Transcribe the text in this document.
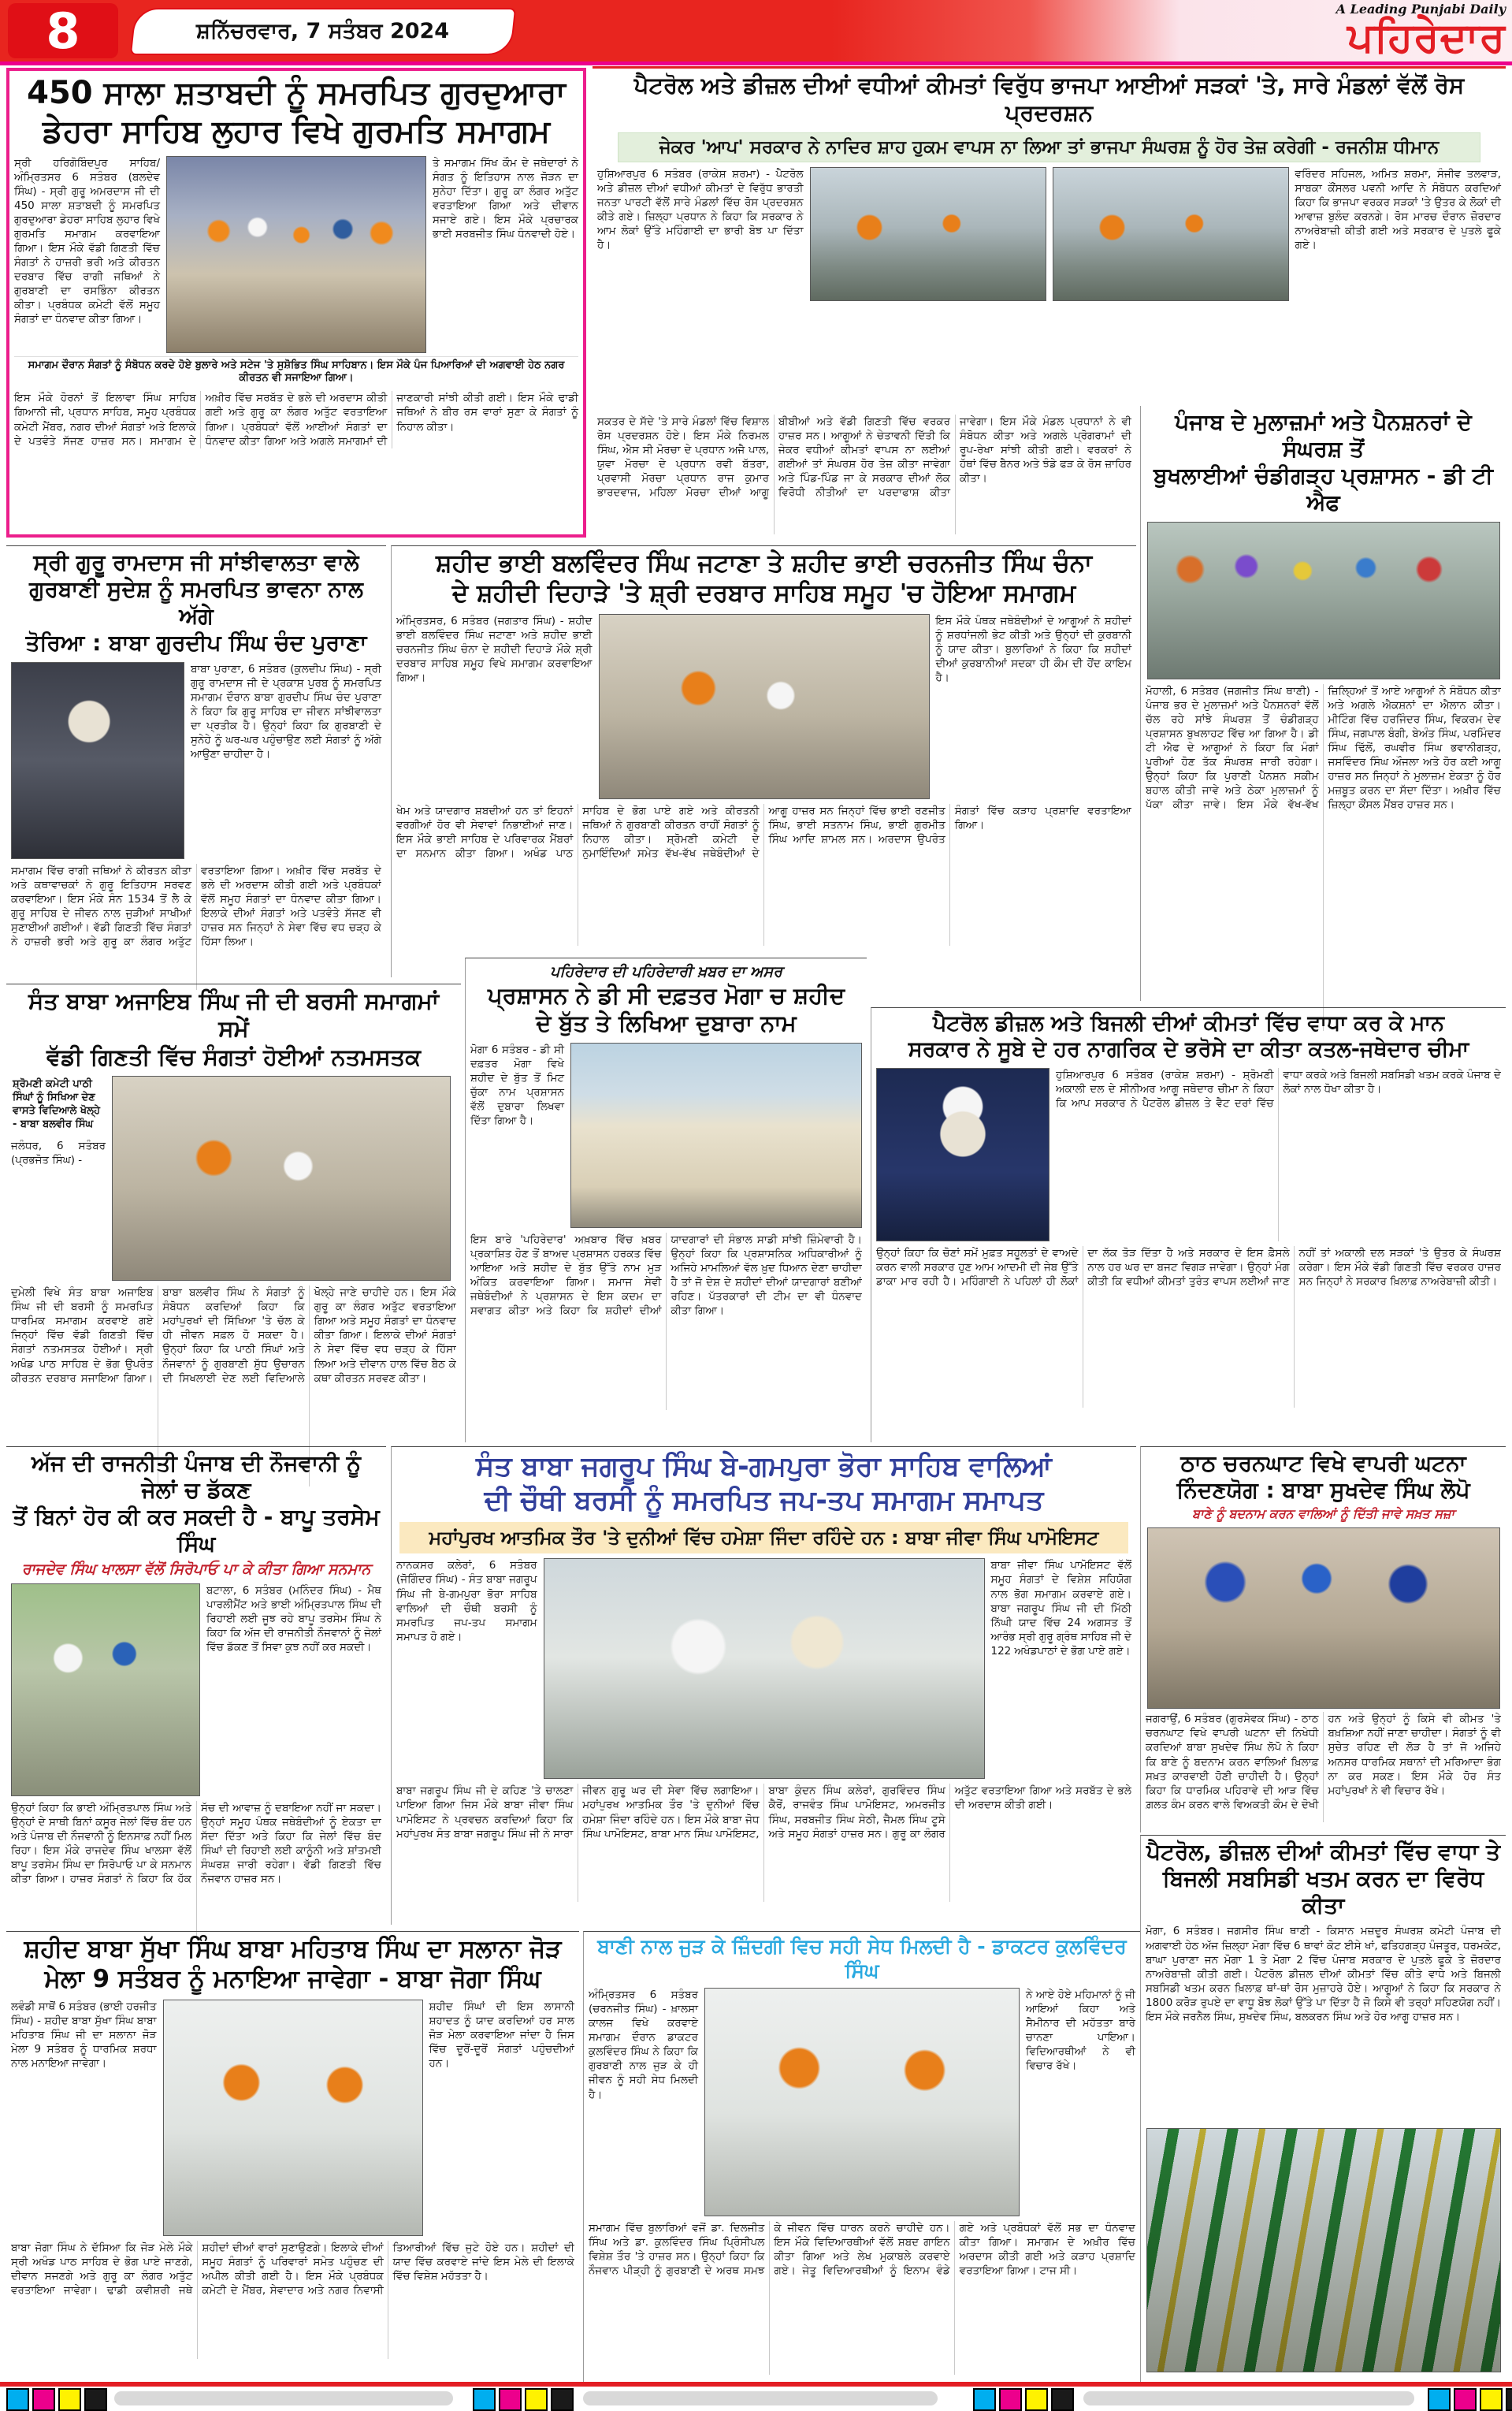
8	ਸ਼ਨਿੱਚਰਵਾਰ, 7 ਸਤੰਬਰ 2024
A Leading Punjabi Daily
ਪਹਿਰੇਦਾਰ
450 ਸਾਲਾ ਸ਼ਤਾਬਦੀ ਨੂੰ ਸਮਰਪਿਤ ਗੁਰਦੁਆਰਾ
ਡੇਹਰਾ ਸਾਹਿਬ ਲੁਹਾਰ ਵਿਖੇ ਗੁਰਮਤਿ ਸਮਾਗਮ
ਸ੍ਰੀ ਹਰਿਗੋਬਿੰਦਪੁਰ ਸਾਹਿਬ/ਅੰਮ੍ਰਿਤਸਰ 6 ਸਤੰਬਰ (ਬਲਦੇਵ ਸਿੰਘ) - ਸ੍ਰੀ ਗੁਰੂ ਅਮਰਦਾਸ ਜੀ ਦੀ 450 ਸਾਲਾ ਸ਼ਤਾਬਦੀ ਨੂੰ ਸਮਰਪਿਤ ਗੁਰਦੁਆਰਾ ਡੇਹਰਾ ਸਾਹਿਬ ਲੁਹਾਰ ਵਿਖੇ ਗੁਰਮਤਿ ਸਮਾਗਮ ਕਰਵਾਇਆ ਗਿਆ। ਇਸ ਮੌਕੇ ਵੱਡੀ ਗਿਣਤੀ ਵਿੱਚ ਸੰਗਤਾਂ ਨੇ ਹਾਜ਼ਰੀ ਭਰੀ ਅਤੇ ਕੀਰਤਨ ਦਰਬਾਰ ਵਿੱਚ ਰਾਗੀ ਜਥਿਆਂ ਨੇ ਗੁਰਬਾਣੀ ਦਾ ਰਸਭਿੰਨਾ ਕੀਰਤਨ ਕੀਤਾ। ਪ੍ਰਬੰਧਕ ਕਮੇਟੀ ਵੱਲੋਂ ਸਮੂਹ ਸੰਗਤਾਂ ਦਾ ਧੰਨਵਾਦ ਕੀਤਾ ਗਿਆ।
ਤੇ ਸਮਾਗਮ ਸਿੱਖ ਕੌਮ ਦੇ ਜਥੇਦਾਰਾਂ ਨੇ ਸੰਗਤ ਨੂੰ ਇਤਿਹਾਸ ਨਾਲ ਜੋੜਨ ਦਾ ਸੁਨੇਹਾ ਦਿੱਤਾ। ਗੁਰੂ ਕਾ ਲੰਗਰ ਅਤੁੱਟ ਵਰਤਾਇਆ ਗਿਆ ਅਤੇ ਦੀਵਾਨ ਸਜਾਏ ਗਏ। ਇਸ ਮੌਕੇ ਪ੍ਰਚਾਰਕ ਭਾਈ ਸਰਬਜੀਤ ਸਿੰਘ ਧੰਨਵਾਦੀ ਹੋਏ।
ਸਮਾਗਮ ਦੌਰਾਨ ਸੰਗਤਾਂ ਨੂੰ ਸੰਬੋਧਨ ਕਰਦੇ ਹੋਏ ਬੁਲਾਰੇ ਅਤੇ ਸਟੇਜ 'ਤੇ ਸੁਸ਼ੋਭਿਤ ਸਿੰਘ ਸਾਹਿਬਾਨ। ਇਸ ਮੌਕੇ ਪੰਜ ਪਿਆਰਿਆਂ ਦੀ ਅਗਵਾਈ ਹੇਠ ਨਗਰ ਕੀਰਤਨ ਵੀ ਸਜਾਇਆ ਗਿਆ।
ਇਸ ਮੌਕੇ ਹੋਰਨਾਂ ਤੋਂ ਇਲਾਵਾ ਸਿੰਘ ਸਾਹਿਬ ਗਿਆਨੀ ਜੀ, ਪ੍ਰਧਾਨ ਸਾਹਿਬ, ਸਮੂਹ ਪ੍ਰਬੰਧਕ ਕਮੇਟੀ ਮੈਂਬਰ, ਨਗਰ ਦੀਆਂ ਸੰਗਤਾਂ ਅਤੇ ਇਲਾਕੇ ਦੇ ਪਤਵੰਤੇ ਸੱਜਣ ਹਾਜ਼ਰ ਸਨ। ਸਮਾਗਮ ਦੇ ਅਖ਼ੀਰ ਵਿੱਚ ਸਰਬੱਤ ਦੇ ਭਲੇ ਦੀ ਅਰਦਾਸ ਕੀਤੀ ਗਈ ਅਤੇ ਗੁਰੂ ਕਾ ਲੰਗਰ ਅਤੁੱਟ ਵਰਤਾਇਆ ਗਿਆ। ਪ੍ਰਬੰਧਕਾਂ ਵੱਲੋਂ ਆਈਆਂ ਸੰਗਤਾਂ ਦਾ ਧੰਨਵਾਦ ਕੀਤਾ ਗਿਆ ਅਤੇ ਅਗਲੇ ਸਮਾਗਮਾਂ ਦੀ ਜਾਣਕਾਰੀ ਸਾਂਝੀ ਕੀਤੀ ਗਈ। ਇਸ ਮੌਕੇ ਢਾਡੀ ਜਥਿਆਂ ਨੇ ਬੀਰ ਰਸ ਵਾਰਾਂ ਸੁਣਾ ਕੇ ਸੰਗਤਾਂ ਨੂੰ ਨਿਹਾਲ ਕੀਤਾ।
ਪੈਟਰੋਲ ਅਤੇ ਡੀਜ਼ਲ ਦੀਆਂ ਵਧੀਆਂ ਕੀਮਤਾਂ ਵਿਰੁੱਧ ਭਾਜਪਾ ਆਈਆਂ ਸੜਕਾਂ 'ਤੇ, ਸਾਰੇ ਮੰਡਲਾਂ ਵੱਲੋਂ ਰੋਸ ਪ੍ਰਦਰਸ਼ਨ
ਜੇਕਰ 'ਆਪ' ਸਰਕਾਰ ਨੇ ਨਾਦਿਰ ਸ਼ਾਹ ਹੁਕਮ ਵਾਪਸ ਨਾ ਲਿਆ ਤਾਂ ਭਾਜਪਾ ਸੰਘਰਸ਼ ਨੂੰ ਹੋਰ ਤੇਜ਼ ਕਰੇਗੀ - ਰਜਨੀਸ਼ ਧੀਮਾਨ
ਹੁਸ਼ਿਆਰਪੁਰ 6 ਸਤੰਬਰ (ਰਾਕੇਸ਼ ਸ਼ਰਮਾ) - ਪੈਟਰੋਲ ਅਤੇ ਡੀਜ਼ਲ ਦੀਆਂ ਵਧੀਆਂ ਕੀਮਤਾਂ ਦੇ ਵਿਰੁੱਧ ਭਾਰਤੀ ਜਨਤਾ ਪਾਰਟੀ ਵੱਲੋਂ ਸਾਰੇ ਮੰਡਲਾਂ ਵਿੱਚ ਰੋਸ ਪ੍ਰਦਰਸ਼ਨ ਕੀਤੇ ਗਏ। ਜ਼ਿਲ੍ਹਾ ਪ੍ਰਧਾਨ ਨੇ ਕਿਹਾ ਕਿ ਸਰਕਾਰ ਨੇ ਆਮ ਲੋਕਾਂ ਉੱਤੇ ਮਹਿੰਗਾਈ ਦਾ ਭਾਰੀ ਬੋਝ ਪਾ ਦਿੱਤਾ ਹੈ।
ਵਰਿੰਦਰ ਸਹਿਜਲ, ਅਮਿਤ ਸ਼ਰਮਾ, ਸੰਜੀਵ ਤਲਵਾੜ, ਸਾਬਕਾ ਕੌਂਸਲਰ ਪਵਨੀ ਆਦਿ ਨੇ ਸੰਬੋਧਨ ਕਰਦਿਆਂ ਕਿਹਾ ਕਿ ਭਾਜਪਾ ਵਰਕਰ ਸੜਕਾਂ 'ਤੇ ਉਤਰ ਕੇ ਲੋਕਾਂ ਦੀ ਆਵਾਜ਼ ਬੁਲੰਦ ਕਰਨਗੇ। ਰੋਸ ਮਾਰਚ ਦੌਰਾਨ ਜ਼ੋਰਦਾਰ ਨਾਅਰੇਬਾਜ਼ੀ ਕੀਤੀ ਗਈ ਅਤੇ ਸਰਕਾਰ ਦੇ ਪੁਤਲੇ ਫੂਕੇ ਗਏ।
ਸਕਤਰ ਦੇ ਸੱਦੇ 'ਤੇ ਸਾਰੇ ਮੰਡਲਾਂ ਵਿੱਚ ਵਿਸ਼ਾਲ ਰੋਸ ਪ੍ਰਦਰਸ਼ਨ ਹੋਏ। ਇਸ ਮੌਕੇ ਨਿਰਮਲ ਸਿੰਘ, ਐਸ ਸੀ ਮੋਰਚਾ ਦੇ ਪ੍ਰਧਾਨ ਅਜੈ ਪਾਲ, ਯੁਵਾ ਮੋਰਚਾ ਦੇ ਪ੍ਰਧਾਨ ਰਵੀ ਬੱਤਰਾ, ਪ੍ਰਵਾਸੀ ਮੋਰਚਾ ਪ੍ਰਧਾਨ ਰਾਜ ਕੁਮਾਰ ਭਾਰਦਵਾਜ, ਮਹਿਲਾ ਮੋਰਚਾ ਦੀਆਂ ਆਗੂ ਬੀਬੀਆਂ ਅਤੇ ਵੱਡੀ ਗਿਣਤੀ ਵਿੱਚ ਵਰਕਰ ਹਾਜ਼ਰ ਸਨ। ਆਗੂਆਂ ਨੇ ਚੇਤਾਵਨੀ ਦਿੱਤੀ ਕਿ ਜੇਕਰ ਵਧੀਆਂ ਕੀਮਤਾਂ ਵਾਪਸ ਨਾ ਲਈਆਂ ਗਈਆਂ ਤਾਂ ਸੰਘਰਸ਼ ਹੋਰ ਤੇਜ਼ ਕੀਤਾ ਜਾਵੇਗਾ ਅਤੇ ਪਿੰਡ-ਪਿੰਡ ਜਾ ਕੇ ਸਰਕਾਰ ਦੀਆਂ ਲੋਕ ਵਿਰੋਧੀ ਨੀਤੀਆਂ ਦਾ ਪਰਦਾਫਾਸ਼ ਕੀਤਾ ਜਾਵੇਗਾ। ਇਸ ਮੌਕੇ ਮੰਡਲ ਪ੍ਰਧਾਨਾਂ ਨੇ ਵੀ ਸੰਬੋਧਨ ਕੀਤਾ ਅਤੇ ਅਗਲੇ ਪ੍ਰੋਗਰਾਮਾਂ ਦੀ ਰੂਪ-ਰੇਖਾ ਸਾਂਝੀ ਕੀਤੀ ਗਈ। ਵਰਕਰਾਂ ਨੇ ਹੱਥਾਂ ਵਿੱਚ ਬੈਨਰ ਅਤੇ ਝੰਡੇ ਫੜ ਕੇ ਰੋਸ ਜ਼ਾਹਿਰ ਕੀਤਾ।
ਪੰਜਾਬ ਦੇ ਮੁਲਾਜ਼ਮਾਂ ਅਤੇ ਪੈਨਸ਼ਨਰਾਂ ਦੇ ਸੰਘਰਸ਼ ਤੋਂ
ਬੁਖਲਾਈਆਂ ਚੰਡੀਗੜ੍ਹ ਪ੍ਰਸ਼ਾਸਨ - ਡੀ ਟੀ ਐਫ
ਮੋਹਾਲੀ, 6 ਸਤੰਬਰ (ਜਗਜੀਤ ਸਿੰਘ ਥਾਣੀ) - ਪੰਜਾਬ ਭਰ ਦੇ ਮੁਲਾਜ਼ਮਾਂ ਅਤੇ ਪੈਨਸ਼ਨਰਾਂ ਵੱਲੋਂ ਚੱਲ ਰਹੇ ਸਾਂਝੇ ਸੰਘਰਸ਼ ਤੋਂ ਚੰਡੀਗੜ੍ਹ ਪ੍ਰਸ਼ਾਸਨ ਬੁਖਲਾਹਟ ਵਿੱਚ ਆ ਗਿਆ ਹੈ। ਡੀ ਟੀ ਐਫ ਦੇ ਆਗੂਆਂ ਨੇ ਕਿਹਾ ਕਿ ਮੰਗਾਂ ਪੂਰੀਆਂ ਹੋਣ ਤੱਕ ਸੰਘਰਸ਼ ਜਾਰੀ ਰਹੇਗਾ। ਉਨ੍ਹਾਂ ਕਿਹਾ ਕਿ ਪੁਰਾਣੀ ਪੈਨਸ਼ਨ ਸਕੀਮ ਬਹਾਲ ਕੀਤੀ ਜਾਵੇ ਅਤੇ ਠੇਕਾ ਮੁਲਾਜ਼ਮਾਂ ਨੂੰ ਪੱਕਾ ਕੀਤਾ ਜਾਵੇ। ਇਸ ਮੌਕੇ ਵੱਖ-ਵੱਖ ਜ਼ਿਲ੍ਹਿਆਂ ਤੋਂ ਆਏ ਆਗੂਆਂ ਨੇ ਸੰਬੋਧਨ ਕੀਤਾ ਅਤੇ ਅਗਲੇ ਐਕਸ਼ਨਾਂ ਦਾ ਐਲਾਨ ਕੀਤਾ। ਮੀਟਿੰਗ ਵਿੱਚ ਹਰਜਿੰਦਰ ਸਿੰਘ, ਵਿਕਰਮ ਦੇਵ ਸਿੰਘ, ਜਗਪਾਲ ਬੰਗੀ, ਬੇਅੰਤ ਸਿੰਘ, ਪਰਮਿੰਦਰ ਸਿੰਘ ਢਿੱਲੋਂ, ਰਘਵੀਰ ਸਿੰਘ ਭਵਾਨੀਗੜ੍ਹ, ਜਸਵਿੰਦਰ ਸਿੰਘ ਔਜਲਾ ਅਤੇ ਹੋਰ ਕਈ ਆਗੂ ਹਾਜ਼ਰ ਸਨ ਜਿਨ੍ਹਾਂ ਨੇ ਮੁਲਾਜ਼ਮ ਏਕਤਾ ਨੂੰ ਹੋਰ ਮਜ਼ਬੂਤ ਕਰਨ ਦਾ ਸੱਦਾ ਦਿੱਤਾ। ਅਖ਼ੀਰ ਵਿੱਚ ਜ਼ਿਲ੍ਹਾ ਕੌਂਸਲ ਮੈਂਬਰ ਹਾਜ਼ਰ ਸਨ।
ਸ੍ਰੀ ਗੁਰੂ ਰਾਮਦਾਸ ਜੀ ਸਾਂਝੀਵਾਲਤਾ ਵਾਲੇ
ਗੁਰਬਾਣੀ ਸੁਦੇਸ਼ ਨੂੰ ਸਮਰਪਿਤ ਭਾਵਨਾ ਨਾਲ ਅੱਗੇ
ਤੋਰਿਆ : ਬਾਬਾ ਗੁਰਦੀਪ ਸਿੰਘ ਚੰਦ ਪੁਰਾਣਾ
ਬਾਬਾ ਪੁਰਾਣਾ, 6 ਸਤੰਬਰ (ਕੁਲਦੀਪ ਸਿੰਘ) - ਸ੍ਰੀ ਗੁਰੂ ਰਾਮਦਾਸ ਜੀ ਦੇ ਪ੍ਰਕਾਸ਼ ਪੁਰਬ ਨੂੰ ਸਮਰਪਿਤ ਸਮਾਗਮ ਦੌਰਾਨ ਬਾਬਾ ਗੁਰਦੀਪ ਸਿੰਘ ਚੰਦ ਪੁਰਾਣਾ ਨੇ ਕਿਹਾ ਕਿ ਗੁਰੂ ਸਾਹਿਬ ਦਾ ਜੀਵਨ ਸਾਂਝੀਵਾਲਤਾ ਦਾ ਪ੍ਰਤੀਕ ਹੈ। ਉਨ੍ਹਾਂ ਕਿਹਾ ਕਿ ਗੁਰਬਾਣੀ ਦੇ ਸੁਨੇਹੇ ਨੂੰ ਘਰ-ਘਰ ਪਹੁੰਚਾਉਣ ਲਈ ਸੰਗਤਾਂ ਨੂੰ ਅੱਗੇ ਆਉਣਾ ਚਾਹੀਦਾ ਹੈ।
ਸਮਾਗਮ ਵਿੱਚ ਰਾਗੀ ਜਥਿਆਂ ਨੇ ਕੀਰਤਨ ਕੀਤਾ ਅਤੇ ਕਥਾਵਾਚਕਾਂ ਨੇ ਗੁਰੂ ਇਤਿਹਾਸ ਸਰਵਣ ਕਰਵਾਇਆ। ਇਸ ਮੌਕੇ ਸੰਨ 1534 ਤੋਂ ਲੈ ਕੇ ਗੁਰੂ ਸਾਹਿਬ ਦੇ ਜੀਵਨ ਨਾਲ ਜੁੜੀਆਂ ਸਾਖੀਆਂ ਸੁਣਾਈਆਂ ਗਈਆਂ। ਵੱਡੀ ਗਿਣਤੀ ਵਿੱਚ ਸੰਗਤਾਂ ਨੇ ਹਾਜ਼ਰੀ ਭਰੀ ਅਤੇ ਗੁਰੂ ਕਾ ਲੰਗਰ ਅਤੁੱਟ ਵਰਤਾਇਆ ਗਿਆ। ਅਖ਼ੀਰ ਵਿੱਚ ਸਰਬੱਤ ਦੇ ਭਲੇ ਦੀ ਅਰਦਾਸ ਕੀਤੀ ਗਈ ਅਤੇ ਪ੍ਰਬੰਧਕਾਂ ਵੱਲੋਂ ਸਮੂਹ ਸੰਗਤਾਂ ਦਾ ਧੰਨਵਾਦ ਕੀਤਾ ਗਿਆ। ਇਲਾਕੇ ਦੀਆਂ ਸੰਗਤਾਂ ਅਤੇ ਪਤਵੰਤੇ ਸੱਜਣ ਵੀ ਹਾਜ਼ਰ ਸਨ ਜਿਨ੍ਹਾਂ ਨੇ ਸੇਵਾ ਵਿੱਚ ਵਧ ਚੜ੍ਹ ਕੇ ਹਿੱਸਾ ਲਿਆ।
ਸ਼ਹੀਦ ਭਾਈ ਬਲਵਿੰਦਰ ਸਿੰਘ ਜਟਾਣਾ ਤੇ ਸ਼ਹੀਦ ਭਾਈ ਚਰਨਜੀਤ ਸਿੰਘ ਚੰਨਾ
ਦੇ ਸ਼ਹੀਦੀ ਦਿਹਾੜੇ 'ਤੇ ਸ਼੍ਰੀ ਦਰਬਾਰ ਸਾਹਿਬ ਸਮੂਹ 'ਚ ਹੋਇਆ ਸਮਾਗਮ
ਅੰਮ੍ਰਿਤਸਰ, 6 ਸਤੰਬਰ (ਜਗਤਾਰ ਸਿੰਘ) - ਸ਼ਹੀਦ ਭਾਈ ਬਲਵਿੰਦਰ ਸਿੰਘ ਜਟਾਣਾ ਅਤੇ ਸ਼ਹੀਦ ਭਾਈ ਚਰਨਜੀਤ ਸਿੰਘ ਚੰਨਾ ਦੇ ਸ਼ਹੀਦੀ ਦਿਹਾੜੇ ਮੌਕੇ ਸ਼੍ਰੀ ਦਰਬਾਰ ਸਾਹਿਬ ਸਮੂਹ ਵਿਖੇ ਸਮਾਗਮ ਕਰਵਾਇਆ ਗਿਆ।
ਇਸ ਮੌਕੇ ਪੰਥਕ ਜਥੇਬੰਦੀਆਂ ਦੇ ਆਗੂਆਂ ਨੇ ਸ਼ਹੀਦਾਂ ਨੂੰ ਸ਼ਰਧਾਂਜਲੀ ਭੇਟ ਕੀਤੀ ਅਤੇ ਉਨ੍ਹਾਂ ਦੀ ਕੁਰਬਾਨੀ ਨੂੰ ਯਾਦ ਕੀਤਾ। ਬੁਲਾਰਿਆਂ ਨੇ ਕਿਹਾ ਕਿ ਸ਼ਹੀਦਾਂ ਦੀਆਂ ਕੁਰਬਾਨੀਆਂ ਸਦਕਾ ਹੀ ਕੌਮ ਦੀ ਹੋਂਦ ਕਾਇਮ ਹੈ।
ਖੇਮ ਅਤੇ ਯਾਦਗਾਰ ਸ਼ਬਦੀਆਂ ਹਨ ਤਾਂ ਇਹਨਾਂ ਵਰਗੀਆਂ ਹੋਰ ਵੀ ਸੇਵਾਵਾਂ ਨਿਭਾਈਆਂ ਜਾਣ। ਇਸ ਮੌਕੇ ਭਾਈ ਸਾਹਿਬ ਦੇ ਪਰਿਵਾਰਕ ਮੈਂਬਰਾਂ ਦਾ ਸਨਮਾਨ ਕੀਤਾ ਗਿਆ। ਅਖੰਡ ਪਾਠ ਸਾਹਿਬ ਦੇ ਭੋਗ ਪਾਏ ਗਏ ਅਤੇ ਕੀਰਤਨੀ ਜਥਿਆਂ ਨੇ ਗੁਰਬਾਣੀ ਕੀਰਤਨ ਰਾਹੀਂ ਸੰਗਤਾਂ ਨੂੰ ਨਿਹਾਲ ਕੀਤਾ। ਸ਼੍ਰੋਮਣੀ ਕਮੇਟੀ ਦੇ ਨੁਮਾਇੰਦਿਆਂ ਸਮੇਤ ਵੱਖ-ਵੱਖ ਜਥੇਬੰਦੀਆਂ ਦੇ ਆਗੂ ਹਾਜ਼ਰ ਸਨ ਜਿਨ੍ਹਾਂ ਵਿੱਚ ਭਾਈ ਰਣਜੀਤ ਸਿੰਘ, ਭਾਈ ਸਤਨਾਮ ਸਿੰਘ, ਭਾਈ ਗੁਰਮੀਤ ਸਿੰਘ ਆਦਿ ਸ਼ਾਮਲ ਸਨ। ਅਰਦਾਸ ਉਪਰੰਤ ਸੰਗਤਾਂ ਵਿੱਚ ਕੜਾਹ ਪ੍ਰਸ਼ਾਦਿ ਵਰਤਾਇਆ ਗਿਆ।
ਸੰਤ ਬਾਬਾ ਅਜਾਇਬ ਸਿੰਘ ਜੀ ਦੀ ਬਰਸੀ ਸਮਾਗਮਾਂ ਸਮੇਂ
ਵੱਡੀ ਗਿਣਤੀ ਵਿੱਚ ਸੰਗਤਾਂ ਹੋਈਆਂ ਨਤਮਸਤਕ
ਸ਼੍ਰੋਮਣੀ ਕਮੇਟੀ ਪਾਠੀ ਸਿੰਘਾਂ ਨੂੰ ਸਿਖਿਆ ਦੇਣ ਵਾਸਤੇ ਵਿਦਿਆਲੇ ਖੋਲ੍ਹੇ - ਬਾਬਾ ਬਲਵੀਰ ਸਿੰਘ
ਜਲੰਧਰ, 6 ਸਤੰਬਰ (ਪ੍ਰਭਜੋਤ ਸਿੰਘ) -
ਦੁਮੇਲੀ ਵਿਖੇ ਸੰਤ ਬਾਬਾ ਅਜਾਇਬ ਸਿੰਘ ਜੀ ਦੀ ਬਰਸੀ ਨੂੰ ਸਮਰਪਿਤ ਧਾਰਮਿਕ ਸਮਾਗਮ ਕਰਵਾਏ ਗਏ ਜਿਨ੍ਹਾਂ ਵਿੱਚ ਵੱਡੀ ਗਿਣਤੀ ਵਿੱਚ ਸੰਗਤਾਂ ਨਤਮਸਤਕ ਹੋਈਆਂ। ਸ੍ਰੀ ਅਖੰਡ ਪਾਠ ਸਾਹਿਬ ਦੇ ਭੋਗ ਉਪਰੰਤ ਕੀਰਤਨ ਦਰਬਾਰ ਸਜਾਇਆ ਗਿਆ। ਬਾਬਾ ਬਲਵੀਰ ਸਿੰਘ ਨੇ ਸੰਗਤਾਂ ਨੂੰ ਸੰਬੋਧਨ ਕਰਦਿਆਂ ਕਿਹਾ ਕਿ ਮਹਾਂਪੁਰਖਾਂ ਦੀ ਸਿੱਖਿਆ 'ਤੇ ਚੱਲ ਕੇ ਹੀ ਜੀਵਨ ਸਫ਼ਲ ਹੋ ਸਕਦਾ ਹੈ। ਉਨ੍ਹਾਂ ਕਿਹਾ ਕਿ ਪਾਠੀ ਸਿੰਘਾਂ ਅਤੇ ਨੌਜਵਾਨਾਂ ਨੂੰ ਗੁਰਬਾਣੀ ਸ਼ੁੱਧ ਉਚਾਰਨ ਦੀ ਸਿਖਲਾਈ ਦੇਣ ਲਈ ਵਿਦਿਆਲੇ ਖੋਲ੍ਹੇ ਜਾਣੇ ਚਾਹੀਦੇ ਹਨ। ਇਸ ਮੌਕੇ ਗੁਰੂ ਕਾ ਲੰਗਰ ਅਤੁੱਟ ਵਰਤਾਇਆ ਗਿਆ ਅਤੇ ਸਮੂਹ ਸੰਗਤਾਂ ਦਾ ਧੰਨਵਾਦ ਕੀਤਾ ਗਿਆ। ਇਲਾਕੇ ਦੀਆਂ ਸੰਗਤਾਂ ਨੇ ਸੇਵਾ ਵਿੱਚ ਵਧ ਚੜ੍ਹ ਕੇ ਹਿੱਸਾ ਲਿਆ ਅਤੇ ਦੀਵਾਨ ਹਾਲ ਵਿੱਚ ਬੈਠ ਕੇ ਕਥਾ ਕੀਰਤਨ ਸਰਵਣ ਕੀਤਾ।
ਪਹਿਰੇਦਾਰ ਦੀ ਪਹਿਰੇਦਾਰੀ ਖ਼ਬਰ ਦਾ ਅਸਰ
ਪ੍ਰਸ਼ਾਸਨ ਨੇ ਡੀ ਸੀ ਦਫ਼ਤਰ ਮੋਗਾ ਚ ਸ਼ਹੀਦ
ਦੇ ਬੁੱਤ ਤੇ ਲਿਖਿਆ ਦੁਬਾਰਾ ਨਾਮ
ਮੋਗਾ 6 ਸਤੰਬਰ - ਡੀ ਸੀ ਦਫ਼ਤਰ ਮੋਗਾ ਵਿਖੇ ਸ਼ਹੀਦ ਦੇ ਬੁੱਤ ਤੋਂ ਮਿਟ ਚੁੱਕਾ ਨਾਮ ਪ੍ਰਸ਼ਾਸਨ ਵੱਲੋਂ ਦੁਬਾਰਾ ਲਿਖਵਾ ਦਿੱਤਾ ਗਿਆ ਹੈ।
ਇਸ ਬਾਰੇ 'ਪਹਿਰੇਦਾਰ' ਅਖ਼ਬਾਰ ਵਿੱਚ ਖ਼ਬਰ ਪ੍ਰਕਾਸ਼ਿਤ ਹੋਣ ਤੋਂ ਬਾਅਦ ਪ੍ਰਸ਼ਾਸਨ ਹਰਕਤ ਵਿੱਚ ਆਇਆ ਅਤੇ ਸ਼ਹੀਦ ਦੇ ਬੁੱਤ ਉੱਤੇ ਨਾਮ ਮੁੜ ਅੰਕਿਤ ਕਰਵਾਇਆ ਗਿਆ। ਸਮਾਜ ਸੇਵੀ ਜਥੇਬੰਦੀਆਂ ਨੇ ਪ੍ਰਸ਼ਾਸਨ ਦੇ ਇਸ ਕਦਮ ਦਾ ਸਵਾਗਤ ਕੀਤਾ ਅਤੇ ਕਿਹਾ ਕਿ ਸ਼ਹੀਦਾਂ ਦੀਆਂ ਯਾਦਗਾਰਾਂ ਦੀ ਸੰਭਾਲ ਸਾਡੀ ਸਾਂਝੀ ਜ਼ਿੰਮੇਵਾਰੀ ਹੈ। ਉਨ੍ਹਾਂ ਕਿਹਾ ਕਿ ਪ੍ਰਸ਼ਾਸਨਿਕ ਅਧਿਕਾਰੀਆਂ ਨੂੰ ਅਜਿਹੇ ਮਾਮਲਿਆਂ ਵੱਲ ਖ਼ੁਦ ਧਿਆਨ ਦੇਣਾ ਚਾਹੀਦਾ ਹੈ ਤਾਂ ਜੋ ਦੇਸ਼ ਦੇ ਸ਼ਹੀਦਾਂ ਦੀਆਂ ਯਾਦਗਾਰਾਂ ਬਣੀਆਂ ਰਹਿਣ। ਪੱਤਰਕਾਰਾਂ ਦੀ ਟੀਮ ਦਾ ਵੀ ਧੰਨਵਾਦ ਕੀਤਾ ਗਿਆ।
ਪੈਟਰੋਲ ਡੀਜ਼ਲ ਅਤੇ ਬਿਜਲੀ ਦੀਆਂ ਕੀਮਤਾਂ ਵਿੱਚ ਵਾਧਾ ਕਰ ਕੇ ਮਾਨ
ਸਰਕਾਰ ਨੇ ਸੂਬੇ ਦੇ ਹਰ ਨਾਗਰਿਕ ਦੇ ਭਰੋਸੇ ਦਾ ਕੀਤਾ ਕਤਲ-ਜਥੇਦਾਰ ਚੀਮਾ
ਹੁਸ਼ਿਆਰਪੁਰ 6 ਸਤੰਬਰ (ਰਾਕੇਸ਼ ਸ਼ਰਮਾ) - ਸ਼੍ਰੋਮਣੀ ਅਕਾਲੀ ਦਲ ਦੇ ਸੀਨੀਅਰ ਆਗੂ ਜਥੇਦਾਰ ਚੀਮਾ ਨੇ ਕਿਹਾ ਕਿ ਆਪ ਸਰਕਾਰ ਨੇ ਪੈਟਰੋਲ ਡੀਜ਼ਲ ਤੇ ਵੈਟ ਦਰਾਂ ਵਿੱਚ ਵਾਧਾ ਕਰਕੇ ਅਤੇ ਬਿਜਲੀ ਸਬਸਿਡੀ ਖਤਮ ਕਰਕੇ ਪੰਜਾਬ ਦੇ ਲੋਕਾਂ ਨਾਲ ਧੋਖਾ ਕੀਤਾ ਹੈ।
ਉਨ੍ਹਾਂ ਕਿਹਾ ਕਿ ਚੋਣਾਂ ਸਮੇਂ ਮੁਫ਼ਤ ਸਹੂਲਤਾਂ ਦੇ ਵਾਅਦੇ ਕਰਨ ਵਾਲੀ ਸਰਕਾਰ ਹੁਣ ਆਮ ਆਦਮੀ ਦੀ ਜੇਬ ਉੱਤੇ ਡਾਕਾ ਮਾਰ ਰਹੀ ਹੈ। ਮਹਿੰਗਾਈ ਨੇ ਪਹਿਲਾਂ ਹੀ ਲੋਕਾਂ ਦਾ ਲੱਕ ਤੋੜ ਦਿੱਤਾ ਹੈ ਅਤੇ ਸਰਕਾਰ ਦੇ ਇਸ ਫ਼ੈਸਲੇ ਨਾਲ ਹਰ ਘਰ ਦਾ ਬਜਟ ਵਿਗੜ ਜਾਵੇਗਾ। ਉਨ੍ਹਾਂ ਮੰਗ ਕੀਤੀ ਕਿ ਵਧੀਆਂ ਕੀਮਤਾਂ ਤੁਰੰਤ ਵਾਪਸ ਲਈਆਂ ਜਾਣ ਨਹੀਂ ਤਾਂ ਅਕਾਲੀ ਦਲ ਸੜਕਾਂ 'ਤੇ ਉਤਰ ਕੇ ਸੰਘਰਸ਼ ਕਰੇਗਾ। ਇਸ ਮੌਕੇ ਵੱਡੀ ਗਿਣਤੀ ਵਿੱਚ ਵਰਕਰ ਹਾਜ਼ਰ ਸਨ ਜਿਨ੍ਹਾਂ ਨੇ ਸਰਕਾਰ ਖ਼ਿਲਾਫ਼ ਨਾਅਰੇਬਾਜ਼ੀ ਕੀਤੀ।
ਅੱਜ ਦੀ ਰਾਜਨੀਤੀ ਪੰਜਾਬ ਦੀ ਨੌਜਵਾਨੀ ਨੂੰ ਜੇਲਾਂ ਚ ਡੱਕਣ
ਤੋਂ ਬਿਨਾਂ ਹੋਰ ਕੀ ਕਰ ਸਕਦੀ ਹੈ - ਬਾਪੂ ਤਰਸੇਮ ਸਿੰਘ
ਰਾਜਦੇਵ ਸਿੰਘ ਖਾਲਸਾ ਵੱਲੋਂ ਸਿਰੋਪਾਓ ਪਾ ਕੇ ਕੀਤਾ ਗਿਆ ਸਨਮਾਨ
ਬਟਾਲਾ, 6 ਸਤੰਬਰ (ਮਨਿੰਦਰ ਸਿੰਘ) - ਮੈਥ ਪਾਰਲੀਮੈਂਟ ਅਤੇ ਭਾਈ ਅੰਮ੍ਰਿਤਪਾਲ ਸਿੰਘ ਦੀ ਰਿਹਾਈ ਲਈ ਜੂਝ ਰਹੇ ਬਾਪੂ ਤਰਸੇਮ ਸਿੰਘ ਨੇ ਕਿਹਾ ਕਿ ਅੱਜ ਦੀ ਰਾਜਨੀਤੀ ਨੌਜਵਾਨਾਂ ਨੂੰ ਜੇਲਾਂ ਵਿੱਚ ਡੱਕਣ ਤੋਂ ਸਿਵਾ ਕੁਝ ਨਹੀਂ ਕਰ ਸਕਦੀ।
ਉਨ੍ਹਾਂ ਕਿਹਾ ਕਿ ਭਾਈ ਅੰਮ੍ਰਿਤਪਾਲ ਸਿੰਘ ਅਤੇ ਉਨ੍ਹਾਂ ਦੇ ਸਾਥੀ ਬਿਨਾਂ ਕਸੂਰ ਜੇਲਾਂ ਵਿੱਚ ਬੰਦ ਹਨ ਅਤੇ ਪੰਜਾਬ ਦੀ ਨੌਜਵਾਨੀ ਨੂੰ ਇਨਸਾਫ਼ ਨਹੀਂ ਮਿਲ ਰਿਹਾ। ਇਸ ਮੌਕੇ ਰਾਜਦੇਵ ਸਿੰਘ ਖਾਲਸਾ ਵੱਲੋਂ ਬਾਪੂ ਤਰਸੇਮ ਸਿੰਘ ਦਾ ਸਿਰੋਪਾਓ ਪਾ ਕੇ ਸਨਮਾਨ ਕੀਤਾ ਗਿਆ। ਹਾਜ਼ਰ ਸੰਗਤਾਂ ਨੇ ਕਿਹਾ ਕਿ ਹੱਕ ਸੱਚ ਦੀ ਆਵਾਜ਼ ਨੂੰ ਦਬਾਇਆ ਨਹੀਂ ਜਾ ਸਕਦਾ। ਉਨ੍ਹਾਂ ਸਮੂਹ ਪੰਥਕ ਜਥੇਬੰਦੀਆਂ ਨੂੰ ਏਕਤਾ ਦਾ ਸੱਦਾ ਦਿੱਤਾ ਅਤੇ ਕਿਹਾ ਕਿ ਜੇਲਾਂ ਵਿੱਚ ਬੰਦ ਸਿੰਘਾਂ ਦੀ ਰਿਹਾਈ ਲਈ ਕਾਨੂੰਨੀ ਅਤੇ ਸ਼ਾਂਤਮਈ ਸੰਘਰਸ਼ ਜਾਰੀ ਰਹੇਗਾ। ਵੱਡੀ ਗਿਣਤੀ ਵਿੱਚ ਨੌਜਵਾਨ ਹਾਜ਼ਰ ਸਨ।
ਸੰਤ ਬਾਬਾ ਜਗਰੂਪ ਸਿੰਘ ਬੇ-ਗਮਪੁਰਾ ਭੋਰਾ ਸਾਹਿਬ ਵਾਲਿਆਂ
ਦੀ ਚੌਥੀ ਬਰਸੀ ਨੂੰ ਸਮਰਪਿਤ ਜਪ-ਤਪ ਸਮਾਗਮ ਸਮਾਪਤ
ਮਹਾਂਪੁਰਖ ਆਤਮਿਕ ਤੌਰ 'ਤੇ ਦੁਨੀਆਂ ਵਿੱਚ ਹਮੇਸ਼ਾ ਜਿੰਦਾ ਰਹਿੰਦੇ ਹਨ : ਬਾਬਾ ਜੀਵਾ ਸਿੰਘ ਪਾਮੋਇਸਟ
ਨਾਨਕਸਰ ਕਲੇਰਾਂ, 6 ਸਤੰਬਰ (ਜੋਗਿੰਦਰ ਸਿੰਘ) - ਸੰਤ ਬਾਬਾ ਜਗਰੂਪ ਸਿੰਘ ਜੀ ਬੇ-ਗਮਪੁਰਾ ਭੋਰਾ ਸਾਹਿਬ ਵਾਲਿਆਂ ਦੀ ਚੌਥੀ ਬਰਸੀ ਨੂੰ ਸਮਰਪਿਤ ਜਪ-ਤਪ ਸਮਾਗਮ ਸਮਾਪਤ ਹੋ ਗਏ।
ਬਾਬਾ ਜੀਵਾ ਸਿੰਘ ਪਾਮੋਇਸਟ ਵੱਲੋਂ ਸਮੂਹ ਸੰਗਤਾਂ ਦੇ ਵਿਸ਼ੇਸ਼ ਸਹਿਯੋਗ ਨਾਲ ਭੋਗ ਸਮਾਗਮ ਕਰਵਾਏ ਗਏ। ਬਾਬਾ ਜਗਰੂਪ ਸਿੰਘ ਜੀ ਦੀ ਮਿੱਠੀ ਨਿੱਘੀ ਯਾਦ ਵਿੱਚ 24 ਅਗਸਤ ਤੋਂ ਆਰੰਭ ਸ੍ਰੀ ਗੁਰੂ ਗ੍ਰੰਥ ਸਾਹਿਬ ਜੀ ਦੇ 122 ਅਖੰਡਪਾਠਾਂ ਦੇ ਭੋਗ ਪਾਏ ਗਏ।
ਬਾਬਾ ਜਗਰੂਪ ਸਿੰਘ ਜੀ ਦੇ ਕਹਿਣ 'ਤੇ ਚਾਲਣਾ ਪਾਇਆ ਗਿਆ ਜਿਸ ਮੌਕੇ ਬਾਬਾ ਜੀਵਾ ਸਿੰਘ ਪਾਮੋਇਸਟ ਨੇ ਪ੍ਰਵਚਨ ਕਰਦਿਆਂ ਕਿਹਾ ਕਿ ਮਹਾਂਪੁਰਖ ਸੰਤ ਬਾਬਾ ਜਗਰੂਪ ਸਿੰਘ ਜੀ ਨੇ ਸਾਰਾ ਜੀਵਨ ਗੁਰੂ ਘਰ ਦੀ ਸੇਵਾ ਵਿੱਚ ਲਗਾਇਆ। ਮਹਾਂਪੁਰਖ ਆਤਮਿਕ ਤੌਰ 'ਤੇ ਦੁਨੀਆਂ ਵਿੱਚ ਹਮੇਸ਼ਾ ਜਿੰਦਾ ਰਹਿੰਦੇ ਹਨ। ਇਸ ਮੌਕੇ ਬਾਬਾ ਜੋਧ ਸਿੰਘ ਪਾਮੋਇਸਟ, ਬਾਬਾ ਮਾਨ ਸਿੰਘ ਪਾਮੋਇਸਟ, ਬਾਬਾ ਕੁੰਦਨ ਸਿੰਘ ਕਲੇਰਾਂ, ਗੁਰਵਿੰਦਰ ਸਿੰਘ ਕੈਰੋਂ, ਰਾਜਵੰਤ ਸਿੰਘ ਪਾਮੋਇਸਟ, ਅਮਰਜੀਤ ਸਿੰਘ, ਸਰਬਜੀਤ ਸਿੰਘ ਸੇਠੀ, ਜੈਮਲ ਸਿੰਘ ਟੂਸੇ ਅਤੇ ਸਮੂਹ ਸੰਗਤਾਂ ਹਾਜ਼ਰ ਸਨ। ਗੁਰੂ ਕਾ ਲੰਗਰ ਅਤੁੱਟ ਵਰਤਾਇਆ ਗਿਆ ਅਤੇ ਸਰਬੱਤ ਦੇ ਭਲੇ ਦੀ ਅਰਦਾਸ ਕੀਤੀ ਗਈ।
ਠਾਠ ਚਰਨਘਾਟ ਵਿਖੇ ਵਾਪਰੀ ਘਟਨਾ
ਨਿੰਦਣਯੋਗ : ਬਾਬਾ ਸੁਖਦੇਵ ਸਿੰਘ ਲੋਪੋ
ਬਾਣੇ ਨੂੰ ਬਦਨਾਮ ਕਰਨ ਵਾਲਿਆਂ ਨੂੰ ਦਿੱਤੀ ਜਾਵੇ ਸਖ਼ਤ ਸਜ਼ਾ
ਜਗਰਾਉਂ, 6 ਸਤੰਬਰ (ਗੁਰਸੇਵਕ ਸਿੰਘ) - ਠਾਠ ਚਰਨਘਾਟ ਵਿਖੇ ਵਾਪਰੀ ਘਟਨਾ ਦੀ ਨਿਖੇਧੀ ਕਰਦਿਆਂ ਬਾਬਾ ਸੁਖਦੇਵ ਸਿੰਘ ਲੋਪੋ ਨੇ ਕਿਹਾ ਕਿ ਬਾਣੇ ਨੂੰ ਬਦਨਾਮ ਕਰਨ ਵਾਲਿਆਂ ਖ਼ਿਲਾਫ਼ ਸਖ਼ਤ ਕਾਰਵਾਈ ਹੋਣੀ ਚਾਹੀਦੀ ਹੈ। ਉਨ੍ਹਾਂ ਕਿਹਾ ਕਿ ਧਾਰਮਿਕ ਪਹਿਰਾਵੇ ਦੀ ਆੜ ਵਿੱਚ ਗ਼ਲਤ ਕੰਮ ਕਰਨ ਵਾਲੇ ਵਿਅਕਤੀ ਕੌਮ ਦੇ ਦੋਖੀ ਹਨ ਅਤੇ ਉਨ੍ਹਾਂ ਨੂੰ ਕਿਸੇ ਵੀ ਕੀਮਤ 'ਤੇ ਬਖ਼ਸ਼ਿਆ ਨਹੀਂ ਜਾਣਾ ਚਾਹੀਦਾ। ਸੰਗਤਾਂ ਨੂੰ ਵੀ ਸੁਚੇਤ ਰਹਿਣ ਦੀ ਲੋੜ ਹੈ ਤਾਂ ਜੋ ਅਜਿਹੇ ਅਨਸਰ ਧਾਰਮਿਕ ਸਥਾਨਾਂ ਦੀ ਮਰਿਆਦਾ ਭੰਗ ਨਾ ਕਰ ਸਕਣ। ਇਸ ਮੌਕੇ ਹੋਰ ਸੰਤ ਮਹਾਂਪੁਰਖਾਂ ਨੇ ਵੀ ਵਿਚਾਰ ਰੱਖੇ।
ਪੈਟਰੋਲ, ਡੀਜ਼ਲ ਦੀਆਂ ਕੀਮਤਾਂ ਵਿੱਚ ਵਾਧਾ ਤੇ
ਬਿਜਲੀ ਸਬਸਿਡੀ ਖਤਮ ਕਰਨ ਦਾ ਵਿਰੋਧ ਕੀਤਾ
ਮੋਗਾ, 6 ਸਤੰਬਰ। ਜਗਸੀਰ ਸਿੰਘ ਥਾਣੀ - ਕਿਸਾਨ ਮਜ਼ਦੂਰ ਸੰਘਰਸ਼ ਕਮੇਟੀ ਪੰਜਾਬ ਦੀ ਅਗਵਾਈ ਹੇਠ ਅੱਜ ਜ਼ਿਲ੍ਹਾ ਮੋਗਾ ਵਿੱਚ 6 ਥਾਵਾਂ ਕੋਟ ਈਸੇ ਖਾਂ, ਫਤਿਹਗੜ੍ਹ ਪੰਜਤੂਰ, ਧਰਮਕੋਟ, ਬਾਘਾ ਪੁਰਾਣਾ ਜਨ ਮੋਗਾ 1 ਤੇ ਮੋਗਾ 2 ਵਿੱਚ ਪੰਜਾਬ ਸਰਕਾਰ ਦੇ ਪੁਤਲੇ ਫੂਕੇ ਤੇ ਜ਼ੋਰਦਾਰ ਨਾਅਰੇਬਾਜ਼ੀ ਕੀਤੀ ਗਈ। ਪੈਟਰੋਲ ਡੀਜ਼ਲ ਦੀਆਂ ਕੀਮਤਾਂ ਵਿੱਚ ਕੀਤੇ ਵਾਧੇ ਅਤੇ ਬਿਜਲੀ ਸਬਸਿਡੀ ਖਤਮ ਕਰਨ ਖ਼ਿਲਾਫ਼ ਥਾਂ-ਥਾਂ ਰੋਸ ਮੁਜ਼ਾਹਰੇ ਹੋਏ। ਆਗੂਆਂ ਨੇ ਕਿਹਾ ਕਿ ਸਰਕਾਰ ਨੇ 1800 ਕਰੋੜ ਰੁਪਏ ਦਾ ਵਾਧੂ ਬੋਝ ਲੋਕਾਂ ਉੱਤੇ ਪਾ ਦਿੱਤਾ ਹੈ ਜੋ ਕਿਸੇ ਵੀ ਤਰ੍ਹਾਂ ਸਹਿਣਯੋਗ ਨਹੀਂ। ਇਸ ਮੌਕੇ ਜਰਨੈਲ ਸਿੰਘ, ਸੁਖਦੇਵ ਸਿੰਘ, ਬਲਕਰਨ ਸਿੰਘ ਅਤੇ ਹੋਰ ਆਗੂ ਹਾਜ਼ਰ ਸਨ।
ਸ਼ਹੀਦ ਬਾਬਾ ਸੁੱਖਾ ਸਿੰਘ ਬਾਬਾ ਮਹਿਤਾਬ ਸਿੰਘ ਦਾ ਸਲਾਨਾ ਜੋੜ
ਮੇਲਾ 9 ਸਤੰਬਰ ਨੂੰ ਮਨਾਇਆ ਜਾਵੇਗਾ - ਬਾਬਾ ਜੋਗਾ ਸਿੰਘ
ਲਵੰਡੀ ਸਾਥੋਂ 6 ਸਤੰਬਰ (ਭਾਈ ਹਰਜੀਤ ਸਿੰਘ) - ਸ਼ਹੀਦ ਬਾਬਾ ਸੁੱਖਾ ਸਿੰਘ ਬਾਬਾ ਮਹਿਤਾਬ ਸਿੰਘ ਜੀ ਦਾ ਸਲਾਨਾ ਜੋੜ ਮੇਲਾ 9 ਸਤੰਬਰ ਨੂੰ ਧਾਰਮਿਕ ਸ਼ਰਧਾ ਨਾਲ ਮਨਾਇਆ ਜਾਵੇਗਾ।
ਸ਼ਹੀਦ ਸਿੰਘਾਂ ਦੀ ਇਸ ਲਾਸਾਨੀ ਸ਼ਹਾਦਤ ਨੂੰ ਯਾਦ ਕਰਦਿਆਂ ਹਰ ਸਾਲ ਜੋੜ ਮੇਲਾ ਕਰਵਾਇਆ ਜਾਂਦਾ ਹੈ ਜਿਸ ਵਿੱਚ ਦੂਰੋਂ-ਦੂਰੋਂ ਸੰਗਤਾਂ ਪਹੁੰਚਦੀਆਂ ਹਨ।
ਬਾਬਾ ਜੋਗਾ ਸਿੰਘ ਨੇ ਦੱਸਿਆ ਕਿ ਜੋੜ ਮੇਲੇ ਮੌਕੇ ਸ੍ਰੀ ਅਖੰਡ ਪਾਠ ਸਾਹਿਬ ਦੇ ਭੋਗ ਪਾਏ ਜਾਣਗੇ, ਦੀਵਾਨ ਸਜਣਗੇ ਅਤੇ ਗੁਰੂ ਕਾ ਲੰਗਰ ਅਤੁੱਟ ਵਰਤਾਇਆ ਜਾਵੇਗਾ। ਢਾਡੀ ਕਵੀਸ਼ਰੀ ਜਥੇ ਸ਼ਹੀਦਾਂ ਦੀਆਂ ਵਾਰਾਂ ਸੁਣਾਉਣਗੇ। ਇਲਾਕੇ ਦੀਆਂ ਸਮੂਹ ਸੰਗਤਾਂ ਨੂੰ ਪਰਿਵਾਰਾਂ ਸਮੇਤ ਪਹੁੰਚਣ ਦੀ ਅਪੀਲ ਕੀਤੀ ਗਈ ਹੈ। ਇਸ ਮੌਕੇ ਪ੍ਰਬੰਧਕ ਕਮੇਟੀ ਦੇ ਮੈਂਬਰ, ਸੇਵਾਦਾਰ ਅਤੇ ਨਗਰ ਨਿਵਾਸੀ ਤਿਆਰੀਆਂ ਵਿੱਚ ਜੁਟੇ ਹੋਏ ਹਨ। ਸ਼ਹੀਦਾਂ ਦੀ ਯਾਦ ਵਿੱਚ ਕਰਵਾਏ ਜਾਂਦੇ ਇਸ ਮੇਲੇ ਦੀ ਇਲਾਕੇ ਵਿੱਚ ਵਿਸ਼ੇਸ਼ ਮਹੱਤਤਾ ਹੈ।
ਬਾਣੀ ਨਾਲ ਜੁੜ ਕੇ ਜ਼ਿੰਦਗੀ ਵਿਚ ਸਹੀ ਸੇਧ ਮਿਲਦੀ ਹੈ - ਡਾਕਟਰ ਕੁਲਵਿੰਦਰ ਸਿੰਘ
ਅੰਮ੍ਰਿਤਸਰ 6 ਸਤੰਬਰ (ਚਰਨਜੀਤ ਸਿੰਘ) - ਖ਼ਾਲਸਾ ਕਾਲਜ ਵਿਖੇ ਕਰਵਾਏ ਸਮਾਗਮ ਦੌਰਾਨ ਡਾਕਟਰ ਕੁਲਵਿੰਦਰ ਸਿੰਘ ਨੇ ਕਿਹਾ ਕਿ ਗੁਰਬਾਣੀ ਨਾਲ ਜੁੜ ਕੇ ਹੀ ਜੀਵਨ ਨੂੰ ਸਹੀ ਸੇਧ ਮਿਲਦੀ ਹੈ।
ਨੇ ਆਏ ਹੋਏ ਮਹਿਮਾਨਾਂ ਨੂੰ ਜੀ ਆਇਆਂ ਕਿਹਾ ਅਤੇ ਸੈਮੀਨਾਰ ਦੀ ਮਹੱਤਤਾ ਬਾਰੇ ਚਾਨਣਾ ਪਾਇਆ। ਵਿਦਿਆਰਥੀਆਂ ਨੇ ਵੀ ਵਿਚਾਰ ਰੱਖੇ।
ਸਮਾਗਮ ਵਿੱਚ ਬੁਲਾਰਿਆਂ ਵਜੋਂ ਡਾ. ਦਿਲਜੀਤ ਸਿੰਘ ਅਤੇ ਡਾ. ਕੁਲਵਿੰਦਰ ਸਿੰਘ ਪ੍ਰਿੰਸੀਪਲ ਵਿਸ਼ੇਸ਼ ਤੌਰ 'ਤੇ ਹਾਜ਼ਰ ਸਨ। ਉਨ੍ਹਾਂ ਕਿਹਾ ਕਿ ਨੌਜਵਾਨ ਪੀੜ੍ਹੀ ਨੂੰ ਗੁਰਬਾਣੀ ਦੇ ਅਰਥ ਸਮਝ ਕੇ ਜੀਵਨ ਵਿੱਚ ਧਾਰਨ ਕਰਨੇ ਚਾਹੀਦੇ ਹਨ। ਇਸ ਮੌਕੇ ਵਿਦਿਆਰਥੀਆਂ ਵੱਲੋਂ ਸ਼ਬਦ ਗਾਇਨ ਕੀਤਾ ਗਿਆ ਅਤੇ ਲੇਖ ਮੁਕਾਬਲੇ ਕਰਵਾਏ ਗਏ। ਜੇਤੂ ਵਿਦਿਆਰਥੀਆਂ ਨੂੰ ਇਨਾਮ ਵੰਡੇ ਗਏ ਅਤੇ ਪ੍ਰਬੰਧਕਾਂ ਵੱਲੋਂ ਸਭ ਦਾ ਧੰਨਵਾਦ ਕੀਤਾ ਗਿਆ। ਸਮਾਗਮ ਦੇ ਅਖ਼ੀਰ ਵਿੱਚ ਅਰਦਾਸ ਕੀਤੀ ਗਈ ਅਤੇ ਕੜਾਹ ਪ੍ਰਸ਼ਾਦਿ ਵਰਤਾਇਆ ਗਿਆ। ਟਾਜ ਸੀ।
